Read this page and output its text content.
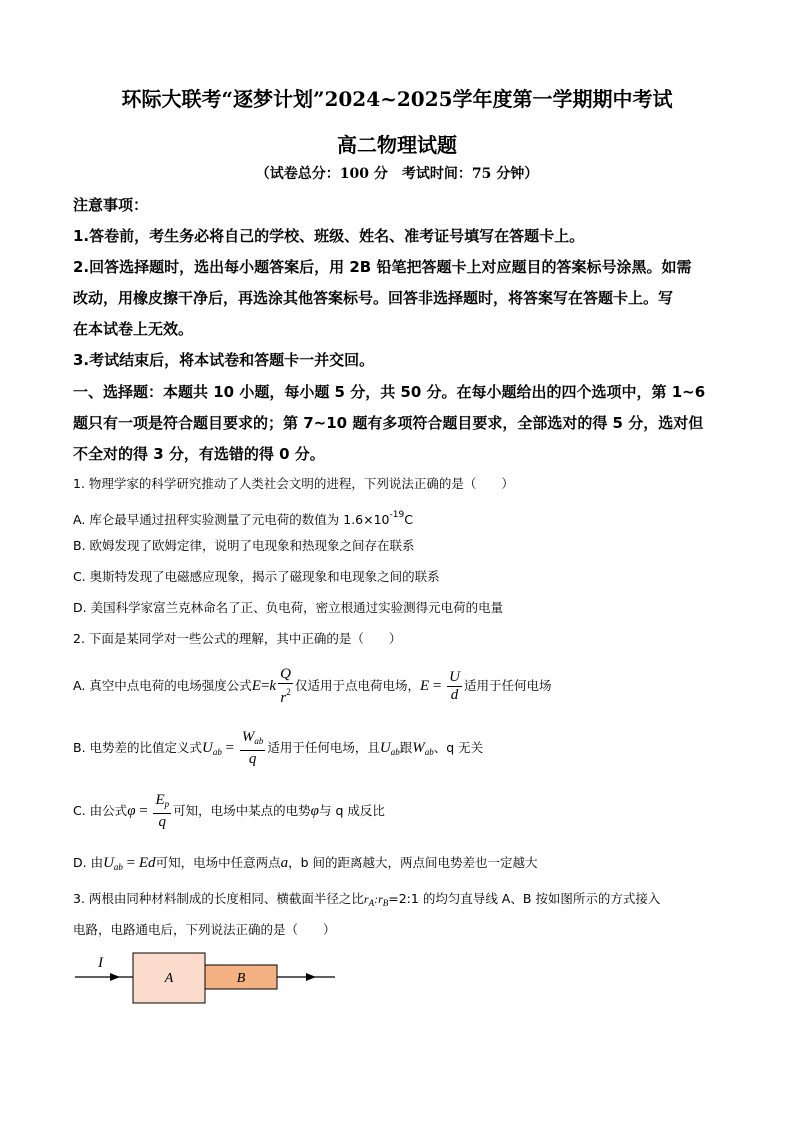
环际大联考“逐梦计划”2024~2025学年度第一学期期中考试
高二物理试题
（试卷总分：100 分　考试时间：75 分钟）
注意事项：
1.答卷前，考生务必将自己的学校、班级、姓名、准考证号填写在答题卡上。
2.回答选择题时，选出每小题答案后，用 2B 铅笔把答题卡上对应题目的答案标号涂黑。如需
改动，用橡皮擦干净后，再选涂其他答案标号。回答非选择题时，将答案写在答题卡上。写
在本试卷上无效。
3.考试结束后，将本试卷和答题卡一并交回。
一、选择题：本题共 10 小题，每小题 5 分，共 50 分。在每小题给出的四个选项中，第 1~6
题只有一项是符合题目要求的；第 7~10 题有多项符合题目要求，全部选对的得 5 分，选对但
不全对的得 3 分，有选错的得 0 分。
1. 物理学家的科学研究推动了人类社会文明的进程，下列说法正确的是（　　）
A. 库仑最早通过扭秤实验测量了元电荷的数值为 $1.6\times 10^{-19}C$
B. 欧姆发现了欧姆定律，说明了电现象和热现象之间存在联系
C. 奥斯特发现了电磁感应现象，揭示了磁现象和电现象之间的联系
D. 美国科学家富兰克林命名了正、负电荷，密立根通过实验测得元电荷的电量
2. 下面是某同学对一些公式的理解，其中正确的是（　　）
A. 真空中点电荷的电场强度公式$E=k \frac{Q}{r^2}$ 仅适用于点电荷电场，$E = \frac{U}{d}$ 适用于任何电场
B. 电势差的比值定义式$U_{ab} = \frac{W_{ab}}{q}$ 适用于任何电场，且$U_{ab}$跟$W_{ab}$、q 无关
C. 由公式$\varphi = \frac{E_p}{q}$ 可知，电场中某点的电势φ与 q 成反比
D. 由$U_{ab} = Ed$可知，电场中任意两点a，b 间的距离越大，两点间电势差也一定越大
3. 两根由同种材料制成的长度相同、横截面半径之比$r_A:r_B=2:1$ 的均匀直导线 A、B 按如图所示的方式接入
电路，电路通电后，下列说法正确的是（　　）
I
A	B
